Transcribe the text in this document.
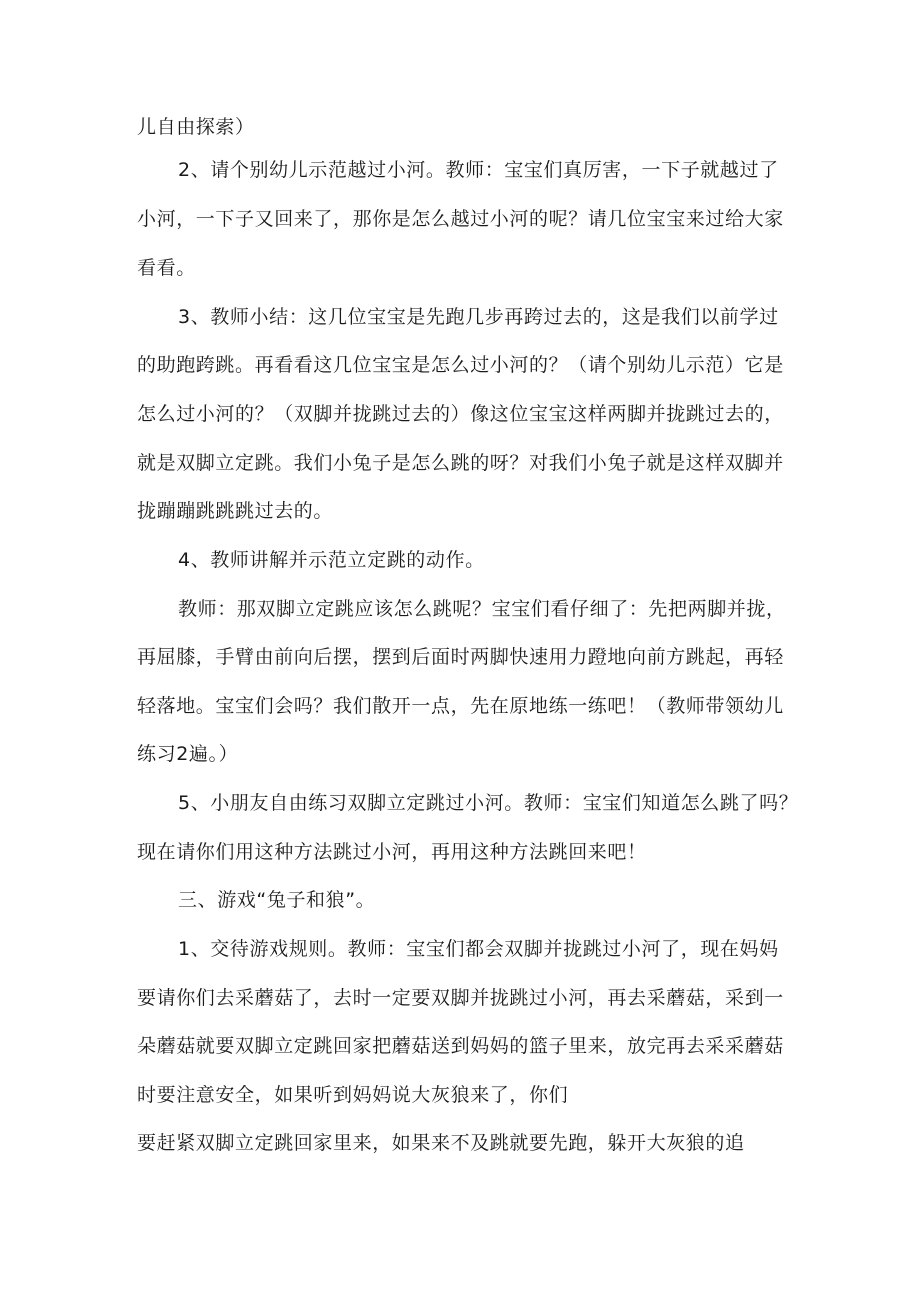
儿自由探索）
2、请个别幼儿示范越过小河。教师：宝宝们真厉害，一下子就越过了
小河，一下子又回来了，那你是怎么越过小河的呢？请几位宝宝来过给大家
看看。
3、教师小结：这几位宝宝是先跑几步再跨过去的，这是我们以前学过
的助跑跨跳。再看看这几位宝宝是怎么过小河的？（请个别幼儿示范）它是
怎么过小河的？（双脚并拢跳过去的）像这位宝宝这样两脚并拢跳过去的，
就是双脚立定跳。我们小兔子是怎么跳的呀？对我们小兔子就是这样双脚并
拢蹦蹦跳跳跳过去的。
4、教师讲解并示范立定跳的动作。
教师：那双脚立定跳应该怎么跳呢？宝宝们看仔细了：先把两脚并拢，
再屈膝，手臂由前向后摆，摆到后面时两脚快速用力蹬地向前方跳起，再轻
轻落地。宝宝们会吗？我们散开一点，先在原地练一练吧！（教师带领幼儿
练习2遍。）
5、小朋友自由练习双脚立定跳过小河。教师：宝宝们知道怎么跳了吗？
现在请你们用这种方法跳过小河，再用这种方法跳回来吧！
三、游戏“兔子和狼”。
1、交待游戏规则。教师：宝宝们都会双脚并拢跳过小河了，现在妈妈
要请你们去采蘑菇了，去时一定要双脚并拢跳过小河，再去采蘑菇，采到一
朵蘑菇就要双脚立定跳回家把蘑菇送到妈妈的篮子里来，放完再去采采蘑菇
时要注意安全，如果听到妈妈说大灰狼来了，你们
要赶紧双脚立定跳回家里来，如果来不及跳就要先跑，躲开大灰狼的追
